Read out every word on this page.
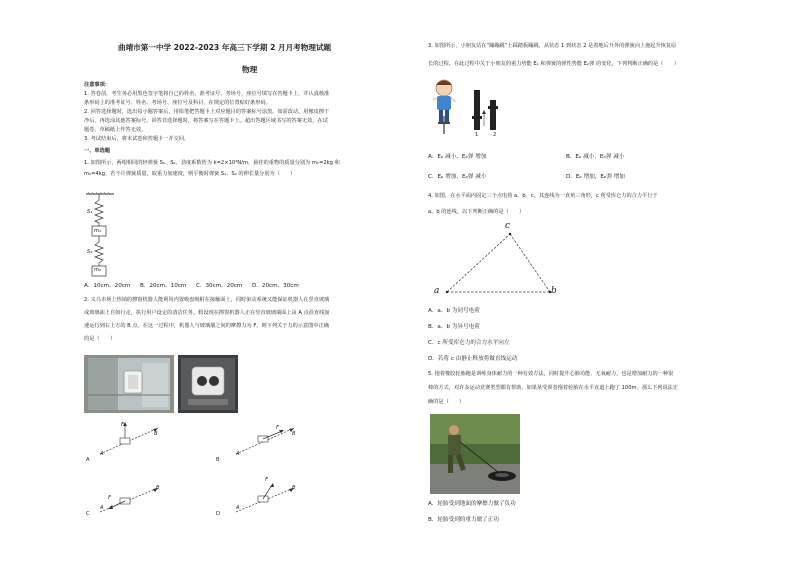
曲靖市第一中学 2022-2023 年高三下学期 2 月月考物理试题
物理
注意事项：
1. 答卷前，考生务必用黑色签字笔将自己的姓名、准考证号、考场号、座位号填写在答题卡上，并认真核准
条形码上的准考证号、姓名、考场号、座位号及科目，在规定的位置贴好条形码。
2. 回答选择题时，选出每小题答案后，用铅笔把答题卡上对应题目的答案标号涂黑。如需改动，用橡皮擦干
净后，再选涂其他答案标号。回答非选择题时，将答案写在答题卡上。超出答题区域书写的答案无效，在试
题卷、草稿纸上作答无效。
3. 考试结束后，将本试卷和答题卡一并交回。
一、单选题
1. 如图所示，两根相同的轻弹簧 S₁、S₂，劲度系数皆为 k=2×10⁴N/m，悬挂的重物的质量分别为 m₁=2kg 和
m₂=4kg，若不计弹簧质量，取重力加速度，则平衡时弹簧 S₁、S₂ 的伸长量分别为（　　）
S₁
m₁
S₂
m₂
A．10cm、20cm B．20cm、10cm C．30cm、20cm D．20cm、30cm
2. 义乌市场上热销的擦窗机器人能利用内置吸盘吸附在接触面上，同时驱动系统又能保证机器人在竖直玻璃
或玻璃面上自如行走，执行用户设定的清洁任务。假设现在擦窗机器人正在竖直玻璃墙面上由 A 点沿直线加
速运行到右上方的 B 点。在这一过程中，机器人与玻璃墙之间的摩擦力为 F，则下列关于力的示意图中正确
的是（　　）
A
A
B
F
B
A
B
F
C
A
B
F
D
A
B
F
3. 如图所示，小朋友站在“蹦蹦跳”上踩踏板蹦跳，从状态 1 到状态 2 是着地后升外的弹簧向上施起升恢复原
长的过程。在此过程中关于小朋友的重力势能 Eₚ 和弹簧的弹性势能 Eₚ弹 的变化，下列判断正确的是（　　）
1	2
A．Eₚ 减小，Eₚ弹 增加	B．Eₚ 减小，Eₚ弹 减小
C．Eₚ 增加，Eₚ弹 减小	D．Eₚ 增加，Eₚ弹 增加
4. 如图，在水平面内固定三个点电荷 a、b、c，其连线为一直角三角形，c 所受库仑力的合力平行于
a、b 的连线，以下判断正确的是（　　）
a
c
b
A．a、b 为同号电荷
B．a、b 为异号电荷
C．c 所受库仑力的合力水平向左
D．若将 c 由静止释放将做直线运动
5. 拖着橡胶轮胎跑是训练身体耐力的一种有效方法，同时提升心肺功能、无氧耐力，也是增加耐力的一种很
棒的方式，对许多运动竞赛类型都有帮助，如果某受训者拖着轮胎在水平直道上跑了 100m，那么下列说法正
确的是（　　）
A．轮胎受到地面的摩擦力做了负功
B．轮胎受到的重力做了正功
